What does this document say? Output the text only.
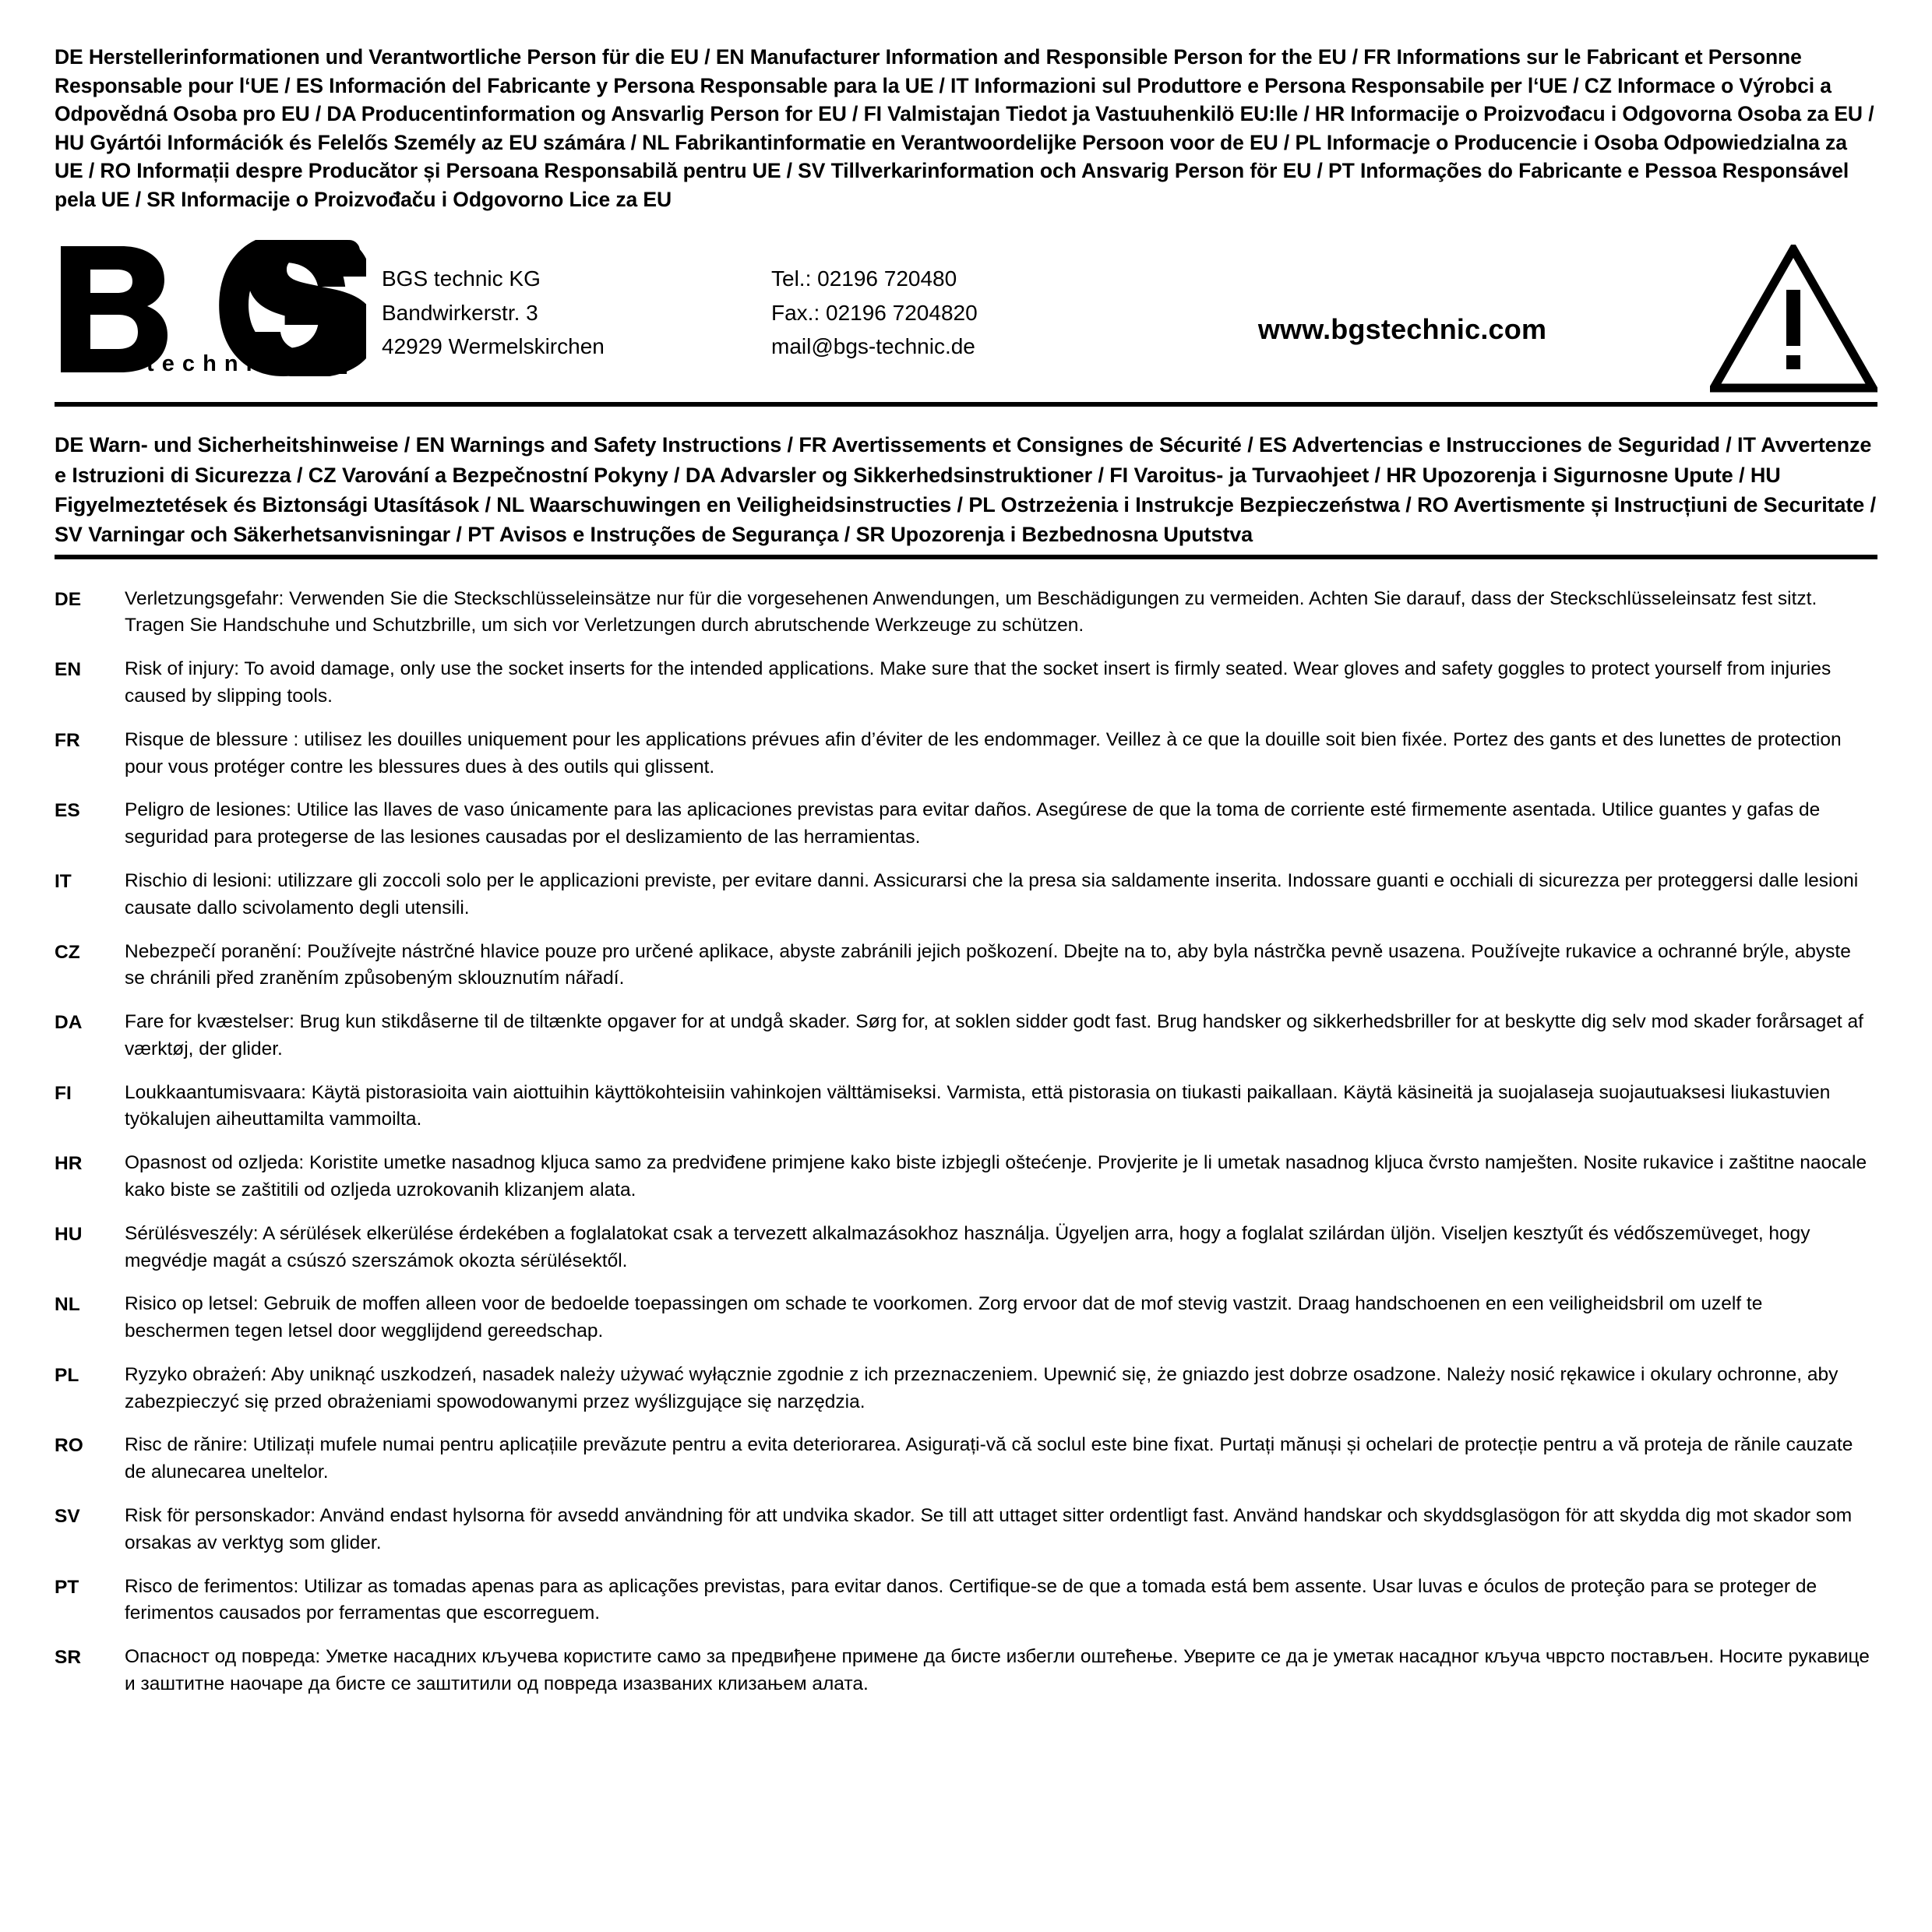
DE Herstellerinformationen und Verantwortliche Person für die EU / EN Manufacturer Information and Responsible Person for the EU / FR Informations sur le Fabricant et Personne Responsable pour l‘UE / ES Información del Fabricante y Persona Responsable para la UE / IT Informazioni sul Produttore e Persona Responsabile per l‘UE / CZ Informace o Výrobci a Odpovědná Osoba pro EU / DA Producentinformation og Ansvarlig Person for EU / FI Valmistajan Tiedot ja Vastuuhenkilö EU:lle / HR Informacije o Proizvođacu i Odgovorna Osoba za EU / HU Gyártói Információk és Felelős Személy az EU számára / NL Fabrikantinformatie en Verantwoordelijke Persoon voor de EU / PL Informacje o Producencie i Osoba Odpowiedzialna za UE / RO Informații despre Producător și Persoana Responsabilă pentru UE / SV Tillverkarinformation och Ansvarig Person för EU / PT Informações do Fabricante e Pessoa Responsável pela UE / SR Informacije o Proizvođaču i Odgovorno Lice za EU
R
t e c h n i c
BGS technic KG
Bandwirkerstr. 3
42929 Wermelskirchen
Tel.: 02196 720480
Fax.: 02196 7204820
mail@bgs-technic.de
www.bgstechnic.com
DE Warn- und Sicherheitshinweise / EN Warnings and Safety Instructions / FR Avertissements et Consignes de Sécurité / ES Advertencias e Instrucciones de Seguridad / IT Avvertenze e Istruzioni di Sicurezza / CZ Varování a Bezpečnostní Pokyny / DA Advarsler og Sikkerhedsinstruktioner / FI Varoitus- ja Turvaohjeet / HR Upozorenja i Sigurnosne Upute / HU Figyelmeztetések és Biztonsági Utasítások / NL Waarschuwingen en Veiligheidsinstructies / PL Ostrzeżenia i Instrukcje Bezpieczeństwa / RO Avertismente și Instrucțiuni de Securitate / SV Varningar och Säkerhetsanvisningar / PT Avisos e Instruções de Segurança / SR Upozorenja i Bezbednosna Uputstva
DE	Verletzungsgefahr: Verwenden Sie die Steckschlüsseleinsätze nur für die vorgesehenen Anwendungen, um Beschädigungen zu vermeiden. Achten Sie darauf, dass der Steckschlüsseleinsatz fest sitzt. Tragen Sie Handschuhe und Schutzbrille, um sich vor Verletzungen durch abrutschende Werkzeuge zu schützen.
EN	Risk of injury: To avoid damage, only use the socket inserts for the intended applications. Make sure that the socket insert is firmly seated. Wear gloves and safety goggles to protect yourself from injuries caused by slipping tools.
FR	Risque de blessure : utilisez les douilles uniquement pour les applications prévues afin d’éviter de les endommager. Veillez à ce que la douille soit bien fixée. Portez des gants et des lunettes de protection pour vous protéger contre les blessures dues à des outils qui glissent.
ES	Peligro de lesiones: Utilice las llaves de vaso únicamente para las aplicaciones previstas para evitar daños. Asegúrese de que la toma de corriente esté firmemente asentada. Utilice guantes y gafas de seguridad para protegerse de las lesiones causadas por el deslizamiento de las herramientas.
IT	Rischio di lesioni: utilizzare gli zoccoli solo per le applicazioni previste, per evitare danni. Assicurarsi che la presa sia saldamente inserita. Indossare guanti e occhiali di sicurezza per proteggersi dalle lesioni causate dallo scivolamento degli utensili.
CZ	Nebezpečí poranění: Používejte nástrčné hlavice pouze pro určené aplikace, abyste zabránili jejich poškození. Dbejte na to, aby byla nástrčka pevně usazena. Používejte rukavice a ochranné brýle, abyste se chránili před zraněním způsobeným sklouznutím nářadí.
DA	Fare for kvæstelser: Brug kun stikdåserne til de tiltænkte opgaver for at undgå skader. Sørg for, at soklen sidder godt fast. Brug handsker og sikkerhedsbriller for at beskytte dig selv mod skader forårsaget af værktøj, der glider.
FI	Loukkaantumisvaara: Käytä pistorasioita vain aiottuihin käyttökohteisiin vahinkojen välttämiseksi. Varmista, että pistorasia on tiukasti paikallaan. Käytä käsineitä ja suojalaseja suojautuaksesi liukastuvien työkalujen aiheuttamilta vammoilta.
HR	Opasnost od ozljeda: Koristite umetke nasadnog kljuca samo za predviđene primjene kako biste izbjegli oštećenje. Provjerite je li umetak nasadnog kljuca čvrsto namješten. Nosite rukavice i zaštitne naocale kako biste se zaštitili od ozljeda uzrokovanih klizanjem alata.
HU	Sérülésveszély: A sérülések elkerülése érdekében a foglalatokat csak a tervezett alkalmazásokhoz használja. Ügyeljen arra, hogy a foglalat szilárdan üljön. Viseljen kesztyűt és védőszemüveget, hogy megvédje magát a csúszó szerszámok okozta sérülésektől.
NL	Risico op letsel: Gebruik de moffen alleen voor de bedoelde toepassingen om schade te voorkomen. Zorg ervoor dat de mof stevig vastzit. Draag handschoenen en een veiligheidsbril om uzelf te beschermen tegen letsel door wegglijdend gereedschap.
PL	Ryzyko obrażeń: Aby uniknąć uszkodzeń, nasadek należy używać wyłącznie zgodnie z ich przeznaczeniem. Upewnić się, że gniazdo jest dobrze osadzone. Należy nosić rękawice i okulary ochronne, aby zabezpieczyć się przed obrażeniami spowodowanymi przez wyślizgujące się narzędzia.
RO	Risc de rănire: Utilizați mufele numai pentru aplicațiile prevăzute pentru a evita deteriorarea. Asigurați-vă că soclul este bine fixat. Purtați mănuși și ochelari de protecție pentru a vă proteja de rănile cauzate de alunecarea uneltelor.
SV	Risk för personskador: Använd endast hylsorna för avsedd användning för att undvika skador. Se till att uttaget sitter ordentligt fast. Använd handskar och skyddsglasögon för att skydda dig mot skador som orsakas av verktyg som glider.
PT	Risco de ferimentos: Utilizar as tomadas apenas para as aplicações previstas, para evitar danos. Certifique-se de que a tomada está bem assente. Usar luvas e óculos de proteção para se proteger de ferimentos causados por ferramentas que escorreguem.
SR	Опасност од повреда: Уметке насадних кључева користите само за предвиђене примене да бисте избегли оштећење. Уверите се да је уметак насадног кључа чврсто постављен. Носите рукавице и заштитне наочаре да бисте се заштитили од повреда изазваних клизањем алата.
